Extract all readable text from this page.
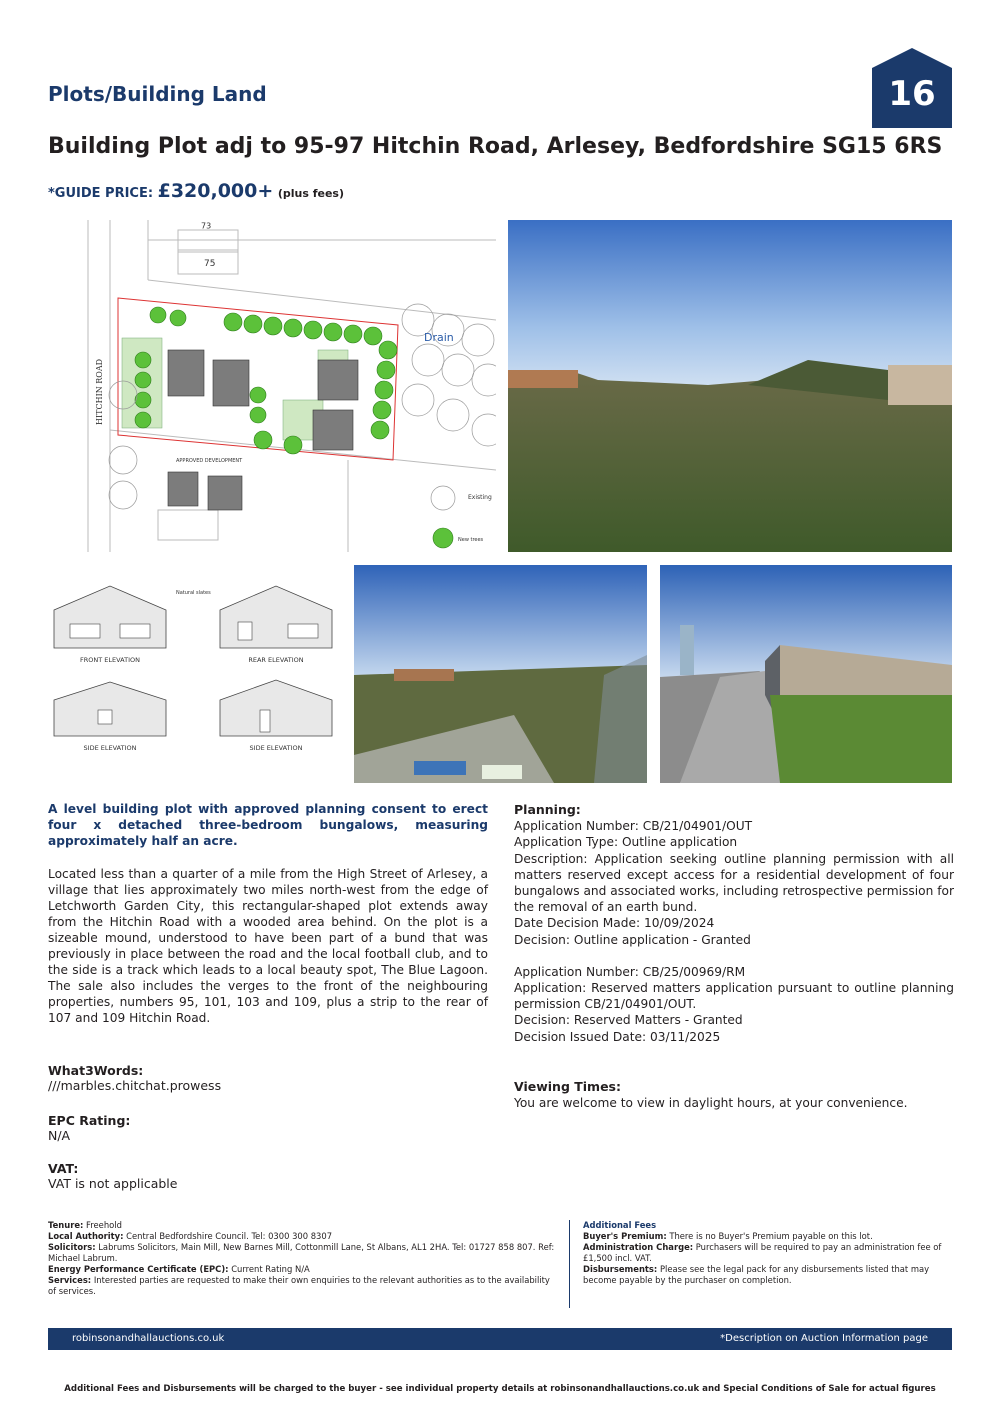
Plots/Building Land	16
Building Plot adj to 95-97 Hitchin Road, Arlesey, Bedfordshire SG15 6RS
*GUIDE PRICE: £320,000+ (plus fees)
75
73
Drain
APPROVED DEVELOPMENT
Existing
New trees
HITCHIN ROAD
Natural slates
FRONT ELEVATION	REAR ELEVATION
SIDE ELEVATION	SIDE ELEVATION
A level building plot with approved planning consent to erect four x detached three-bedroom bungalows, measuring approximately half an acre.
Located less than a quarter of a mile from the High Street of Arlesey, a village that lies approximately two miles north-west from the edge of Letchworth Garden City, this rectangular-shaped plot extends away from the Hitchin Road with a wooded area behind. On the plot is a sizeable mound, understood to have been part of a bund that was previously in place between the road and the local football club, and to the side is a track which leads to a local beauty spot, The Blue Lagoon. The sale also includes the verges to the front of the neighbouring properties, numbers 95, 101, 103 and 109, plus a strip to the rear of 107 and 109 Hitchin Road.
What3Words:
///marbles.chitchat.prowess
EPC Rating:
N/A
VAT:
VAT is not applicable
Planning:
Application Number: CB/21/04901/OUT
Application Type: Outline application
Description: Application seeking outline planning permission with all matters reserved except access for a residential development of four bungalows and associated works, including retrospective permission for the removal of an earth bund.
Date Decision Made: 10/09/2024
Decision: Outline application - Granted
Application Number: CB/25/00969/RM
Application: Reserved matters application pursuant to outline planning permission CB/21/04901/OUT.
Decision: Reserved Matters - Granted
Decision Issued Date: 03/11/2025
Viewing Times:
You are welcome to view in daylight hours, at your convenience.
Tenure: Freehold
Local Authority: Central Bedfordshire Council. Tel: 0300 300 8307
Solicitors: Labrums Solicitors, Main Mill, New Barnes Mill, Cottonmill Lane, St Albans, AL1 2HA. Tel: 01727 858 807. Ref: Michael Labrum.
Energy Performance Certificate (EPC): Current Rating N/A
Services: Interested parties are requested to make their own enquiries to the relevant authorities as to the availability of services.
Additional Fees
Buyer's Premium: There is no Buyer's Premium payable on this lot.
Administration Charge: Purchasers will be required to pay an administration fee of £1,500 incl. VAT.
Disbursements: Please see the legal pack for any disbursements listed that may become payable by the purchaser on completion.
robinsonandhallauctions.co.uk	*Description on Auction Information page
Additional Fees and Disbursements will be charged to the buyer - see individual property details at robinsonandhallauctions.co.uk and Special Conditions of Sale for actual figures
